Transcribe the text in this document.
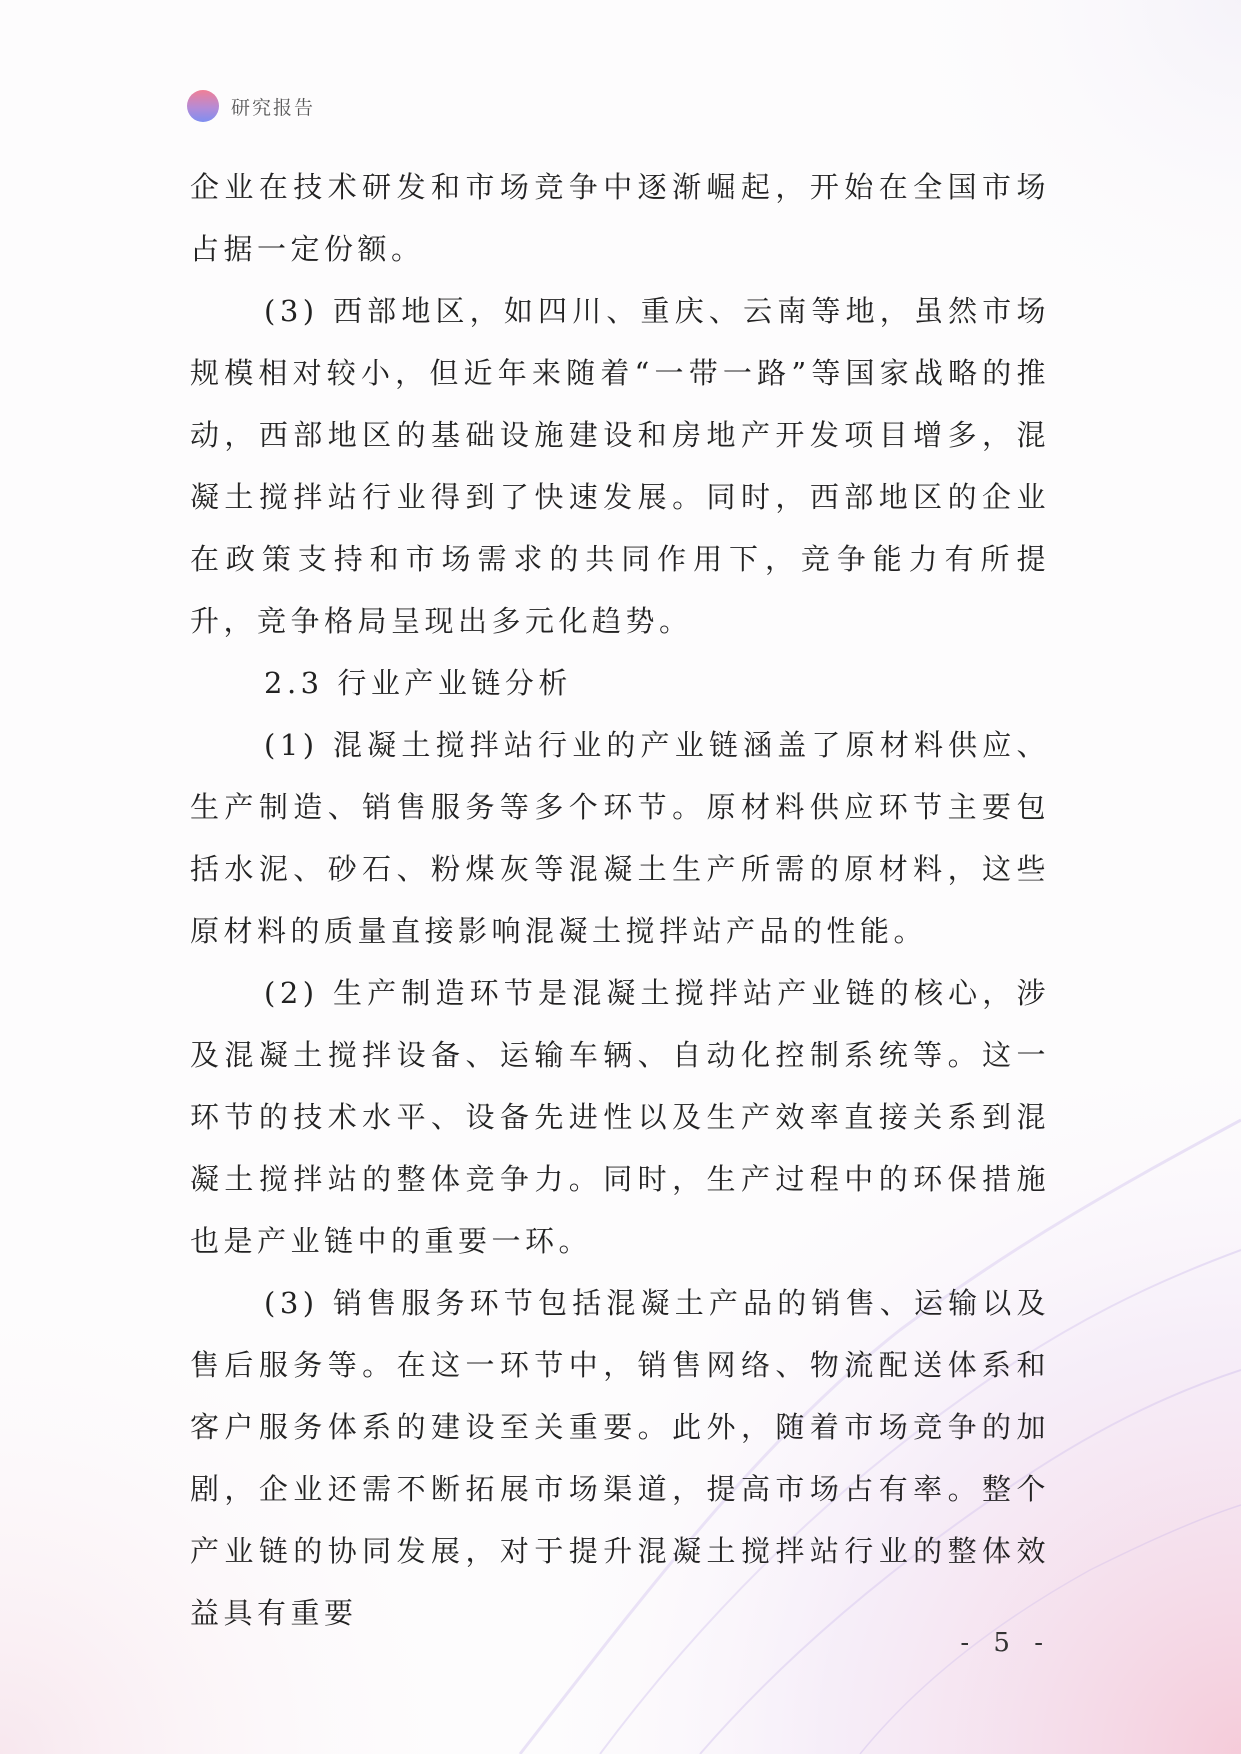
研究报告

企业在技术研发和市场竞争中逐渐崛起，开始在全国市场占据一定份额。

(3) 西部地区，如四川、重庆、云南等地，虽然市场规模相对较小，但近年来随着“一带一路”等国家战略的推动，西部地区的基础设施建设和房地产开发项目增多，混凝土搅拌站行业得到了快速发展。同时，西部地区的企业在政策支持和市场需求的共同作用下，竞争能力有所提升，竞争格局呈现出多元化趋势。

2.3 行业产业链分析

(1) 混凝土搅拌站行业的产业链涵盖了原材料供应、生产制造、销售服务等多个环节。原材料供应环节主要包括水泥、砂石、粉煤灰等混凝土生产所需的原材料，这些原材料的质量直接影响混凝土搅拌站产品的性能。

(2) 生产制造环节是混凝土搅拌站产业链的核心，涉及混凝土搅拌设备、运输车辆、自动化控制系统等。这一环节的技术水平、设备先进性以及生产效率直接关系到混凝土搅拌站的整体竞争力。同时，生产过程中的环保措施也是产业链中的重要一环。

(3) 销售服务环节包括混凝土产品的销售、运输以及售后服务等。在这一环节中，销售网络、物流配送体系和客户服务体系的建设至关重要。此外，随着市场竞争的加剧，企业还需不断拓展市场渠道，提高市场占有率。整个产业链的协同发展，对于提升混凝土搅拌站行业的整体效益具有重要

- 5 -
